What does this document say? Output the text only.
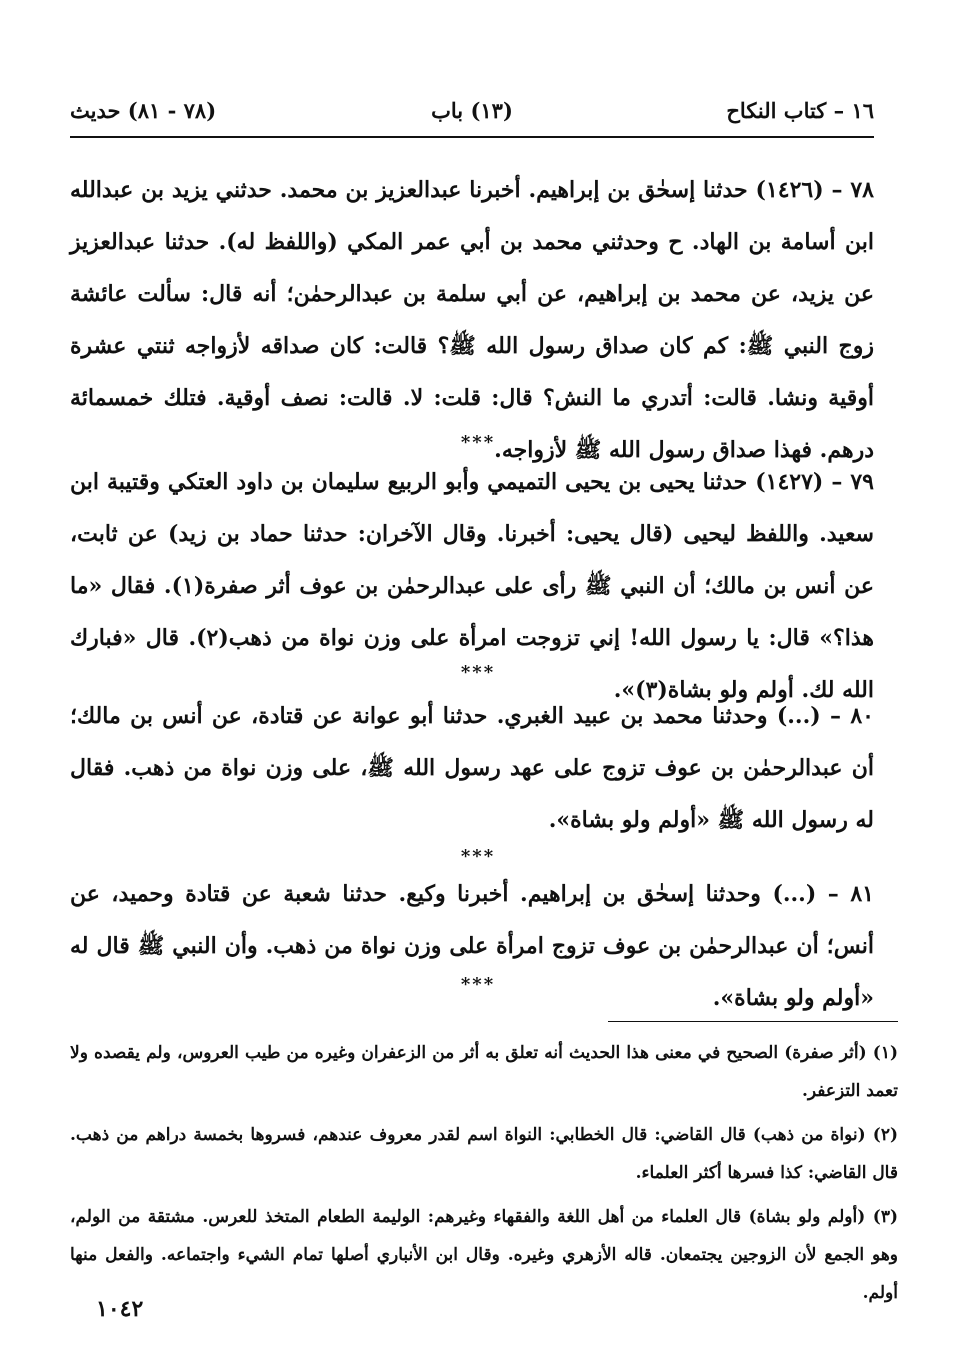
١٦ – كتاب النكاح
(١٣) باب
(٧٨ - ٨١) حديث

٧٨ – (١٤٢٦) حدثنا إسحٰق بن إبراهيم. أخبرنا عبدالعزيز بن محمد. حدثني يزيد بن عبدالله ابن أسامة بن الهاد. ح وحدثني محمد بن أبي عمر المكي (واللفظ له). حدثنا عبدالعزيز عن يزيد، عن محمد بن إبراهيم، عن أبي سلمة بن عبدالرحمٰن؛ أنه قال: سألت عائشة زوج النبي ﷺ: كم كان صداق رسول الله ﷺ؟ قالت: كان صداقه لأزواجه ثنتي عشرة أوقية ونشا. قالت: أتدري ما النش؟ قال: قلت: لا. قالت: نصف أوقية. فتلك خمسمائة درهم. فهذا صداق رسول الله ﷺ لأزواجه.

***

٧٩ – (١٤٢٧) حدثنا يحيى بن يحيى التميمي وأبو الربيع سليمان بن داود العتكي وقتيبة ابن سعيد. واللفظ ليحيى (قال يحيى: أخبرنا. وقال الآخران: حدثنا حماد بن زيد) عن ثابت، عن أنس بن مالك؛ أن النبي ﷺ رأى على عبدالرحمٰن بن عوف أثر صفرة(١). فقال «ما هذا؟» قال: يا رسول الله! إني تزوجت امرأة على وزن نواة من ذهب(٢). قال «فبارك الله لك. أولم ولو بشاة(٣)».

***

٨٠ – (...) وحدثنا محمد بن عبيد الغبري. حدثنا أبو عوانة عن قتادة، عن أنس بن مالك؛ أن عبدالرحمٰن بن عوف تزوج على عهد رسول الله ﷺ، على وزن نواة من ذهب. فقال له رسول الله ﷺ «أولم ولو بشاة».

***

٨١ – (...) وحدثنا إسحٰق بن إبراهيم. أخبرنا وكيع. حدثنا شعبة عن قتادة وحميد، عن أنس؛ أن عبدالرحمٰن بن عوف تزوج امرأة على وزن نواة من ذهب. وأن النبي ﷺ قال له «أولم ولو بشاة».

***

(١) (أثر صفرة) الصحيح في معنى هذا الحديث أنه تعلق به أثر من الزعفران وغيره من طيب العروس، ولم يقصده ولا تعمد التزعفر.

(٢) (نواة من ذهب) قال القاضي: قال الخطابي: النواة اسم لقدر معروف عندهم، فسروها بخمسة دراهم من ذهب. قال القاضي: كذا فسرها أكثر العلماء.

(٣) (أولم ولو بشاة) قال العلماء من أهل اللغة والفقهاء وغيرهم: الوليمة الطعام المتخذ للعرس. مشتقة من الولم، وهو الجمع لأن الزوجين يجتمعان. قاله الأزهري وغيره. وقال ابن الأنباري أصلها تمام الشيء واجتماعه. والفعل منها أولم.

١٠٤٢
